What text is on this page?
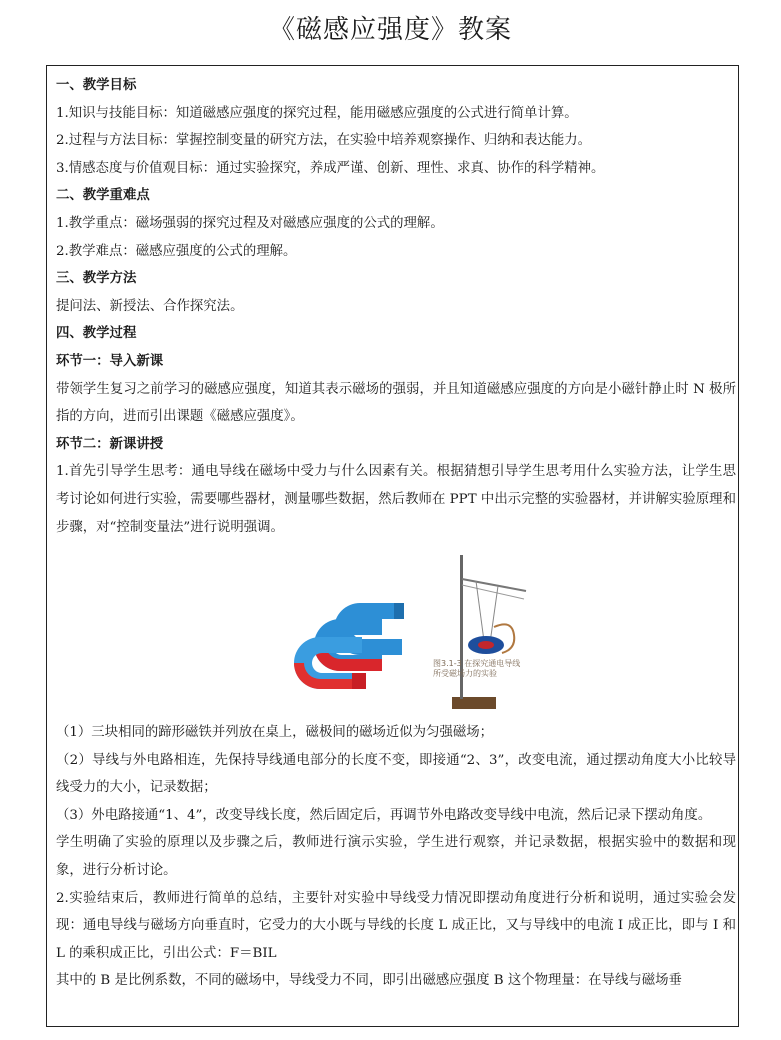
《磁感应强度》教案
一、教学目标
1.知识与技能目标：知道磁感应强度的探究过程，能用磁感应强度的公式进行简单计算。
2.过程与方法目标：掌握控制变量的研究方法，在实验中培养观察操作、归纳和表达能力。
3.情感态度与价值观目标：通过实验探究，养成严谨、创新、理性、求真、协作的科学精神。
二、教学重难点
1.教学重点：磁场强弱的探究过程及对磁感应强度的公式的理解。
2.教学难点：磁感应强度的公式的理解。
三、教学方法
提问法、新授法、合作探究法。
四、教学过程
环节一：导入新课
带领学生复习之前学习的磁感应强度，知道其表示磁场的强弱，并且知道磁感应强度的方向是小磁针静止时 N 极所指的方向，进而引出课题《磁感应强度》。
环节二：新课讲授
1.首先引导学生思考：通电导线在磁场中受力与什么因素有关。根据猜想引导学生思考用什么实验方法，让学生思考讨论如何进行实验，需要哪些器材，测量哪些数据，然后教师在 PPT 中出示完整的实验器材，并讲解实验原理和步骤，对“控制变量法”进行说明强调。
图3.1-3 在探究通电导线
所受磁场力的实验
（1）三块相同的蹄形磁铁并列放在桌上，磁极间的磁场近似为匀强磁场；
（2）导线与外电路相连，先保持导线通电部分的长度不变，即接通“2、3”，改变电流，通过摆动角度大小比较导线受力的大小，记录数据；
（3）外电路接通“1、4”，改变导线长度，然后固定后，再调节外电路改变导线中电流，然后记录下摆动角度。
学生明确了实验的原理以及步骤之后，教师进行演示实验，学生进行观察，并记录数据，根据实验中的数据和现象，进行分析讨论。
2.实验结束后，教师进行简单的总结，主要针对实验中导线受力情况即摆动角度进行分析和说明，通过实验会发现：通电导线与磁场方向垂直时，它受力的大小既与导线的长度 L 成正比，又与导线中的电流 I 成正比，即与 I 和 L 的乘积成正比，引出公式：F＝BIL
其中的 B 是比例系数，不同的磁场中，导线受力不同，即引出磁感应强度 B 这个物理量：在导线与磁场垂
